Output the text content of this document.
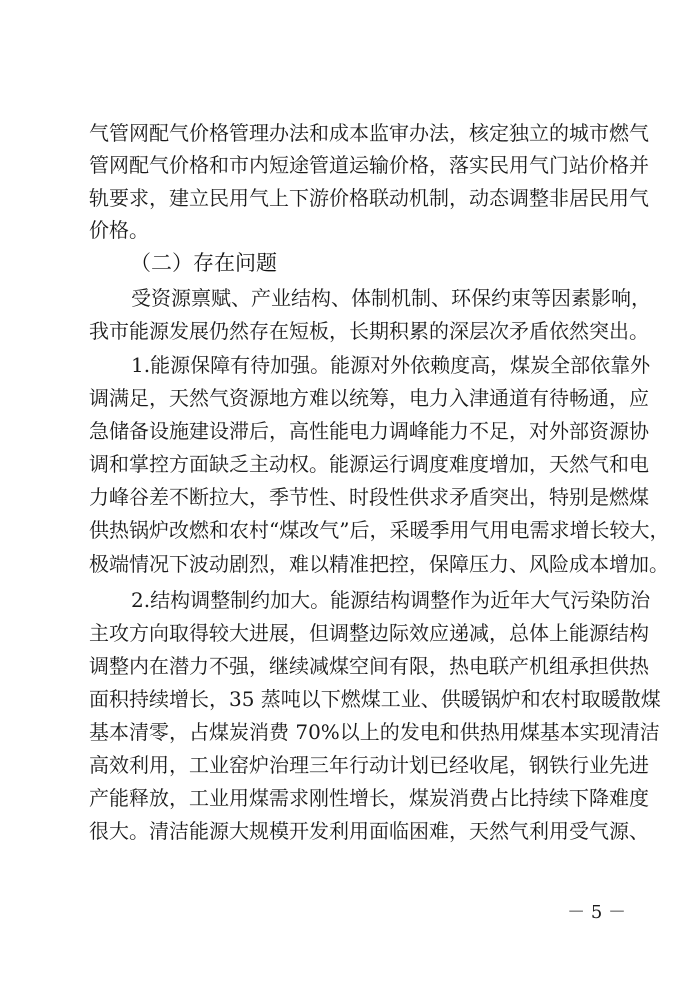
气管网配气价格管理办法和成本监审办法，核定独立的城市燃气
管网配气价格和市内短途管道运输价格，落实民用气门站价格并
轨要求，建立民用气上下游价格联动机制，动态调整非居民用气
价格。
（二）存在问题
受资源禀赋、产业结构、体制机制、环保约束等因素影响，
我市能源发展仍然存在短板，长期积累的深层次矛盾依然突出。
1.能源保障有待加强。能源对外依赖度高，煤炭全部依靠外
调满足，天然气资源地方难以统筹，电力入津通道有待畅通，应
急储备设施建设滞后，高性能电力调峰能力不足，对外部资源协
调和掌控方面缺乏主动权。能源运行调度难度增加，天然气和电
力峰谷差不断拉大，季节性、时段性供求矛盾突出，特别是燃煤
供热锅炉改燃和农村“煤改气”后，采暖季用气用电需求增长较大，
极端情况下波动剧烈，难以精准把控，保障压力、风险成本增加。
2.结构调整制约加大。能源结构调整作为近年大气污染防治
主攻方向取得较大进展，但调整边际效应递减，总体上能源结构
调整内在潜力不强，继续减煤空间有限，热电联产机组承担供热
面积持续增长，35 蒸吨以下燃煤工业、供暖锅炉和农村取暖散煤
基本清零，占煤炭消费 70%以上的发电和供热用煤基本实现清洁
高效利用，工业窑炉治理三年行动计划已经收尾，钢铁行业先进
产能释放，工业用煤需求刚性增长，煤炭消费占比持续下降难度
很大。清洁能源大规模开发利用面临困难，天然气利用受气源、
－ 5 －
